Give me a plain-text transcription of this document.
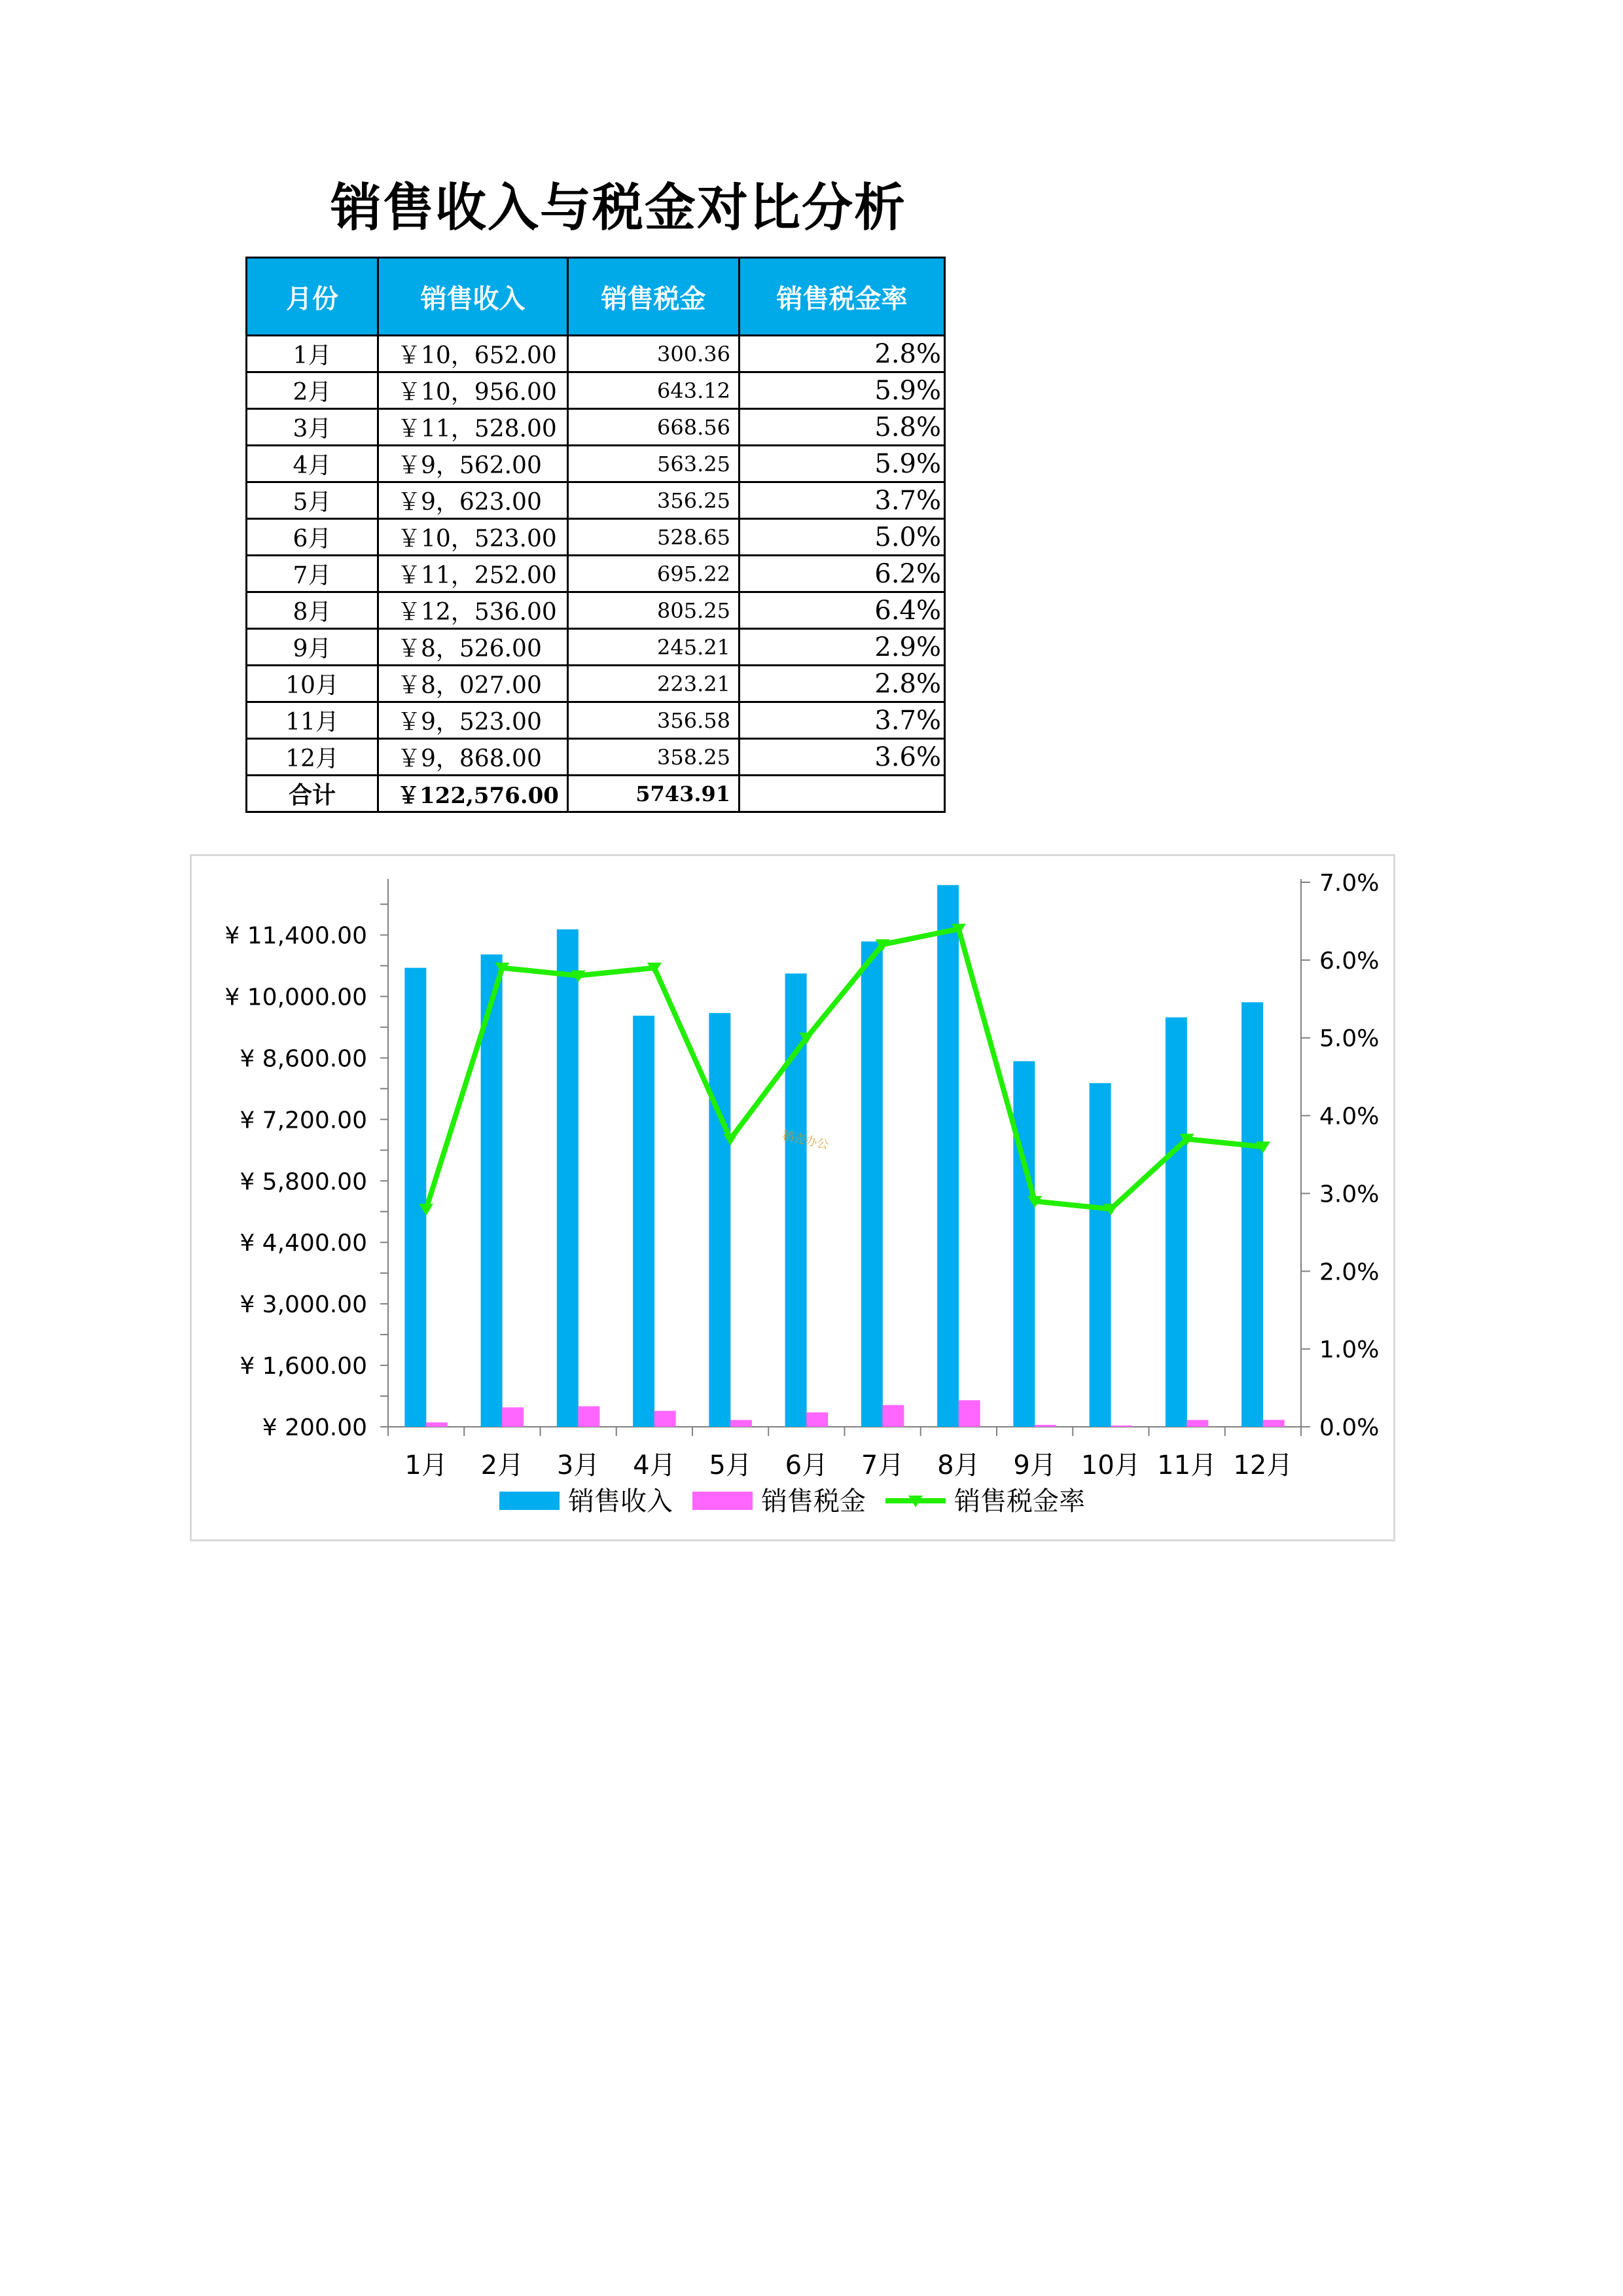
销售收入与税金对比分析
月份	销售收入	销售税金	销售税金率
1月	￥10，652.00	300.36	2.8%
2月	￥10，956.00	643.12	5.9%
3月	￥11，528.00	668.56	5.8%
4月	￥9，562.00	563.25	5.9%
5月	￥9，623.00	356.25	3.7%
6月	￥10，523.00	528.65	5.0%
7月	￥11，252.00	695.22	6.2%
8月	￥12，536.00	805.25	6.4%
9月	￥8，526.00	245.21	2.9%
10月	￥8，027.00	223.21	2.8%
11月	￥9，523.00	356.58	3.7%
12月	￥9，868.00	358.25	3.6%
合计	￥122,576.00	5743.91	
¥ 200.00
¥ 1,600.00
¥ 3,000.00
¥ 4,400.00
¥ 5,800.00
¥ 7,200.00
¥ 8,600.00
¥ 10,000.00
¥ 11,400.00
0.0%
1.0%
2.0%
3.0%
4.0%
5.0%
6.0%
7.0%
1月 2月 3月 4月 5月 6月 7月 8月 9月 10月 11月 12月
销售收入	销售税金	销售税金率
稻壳办公
